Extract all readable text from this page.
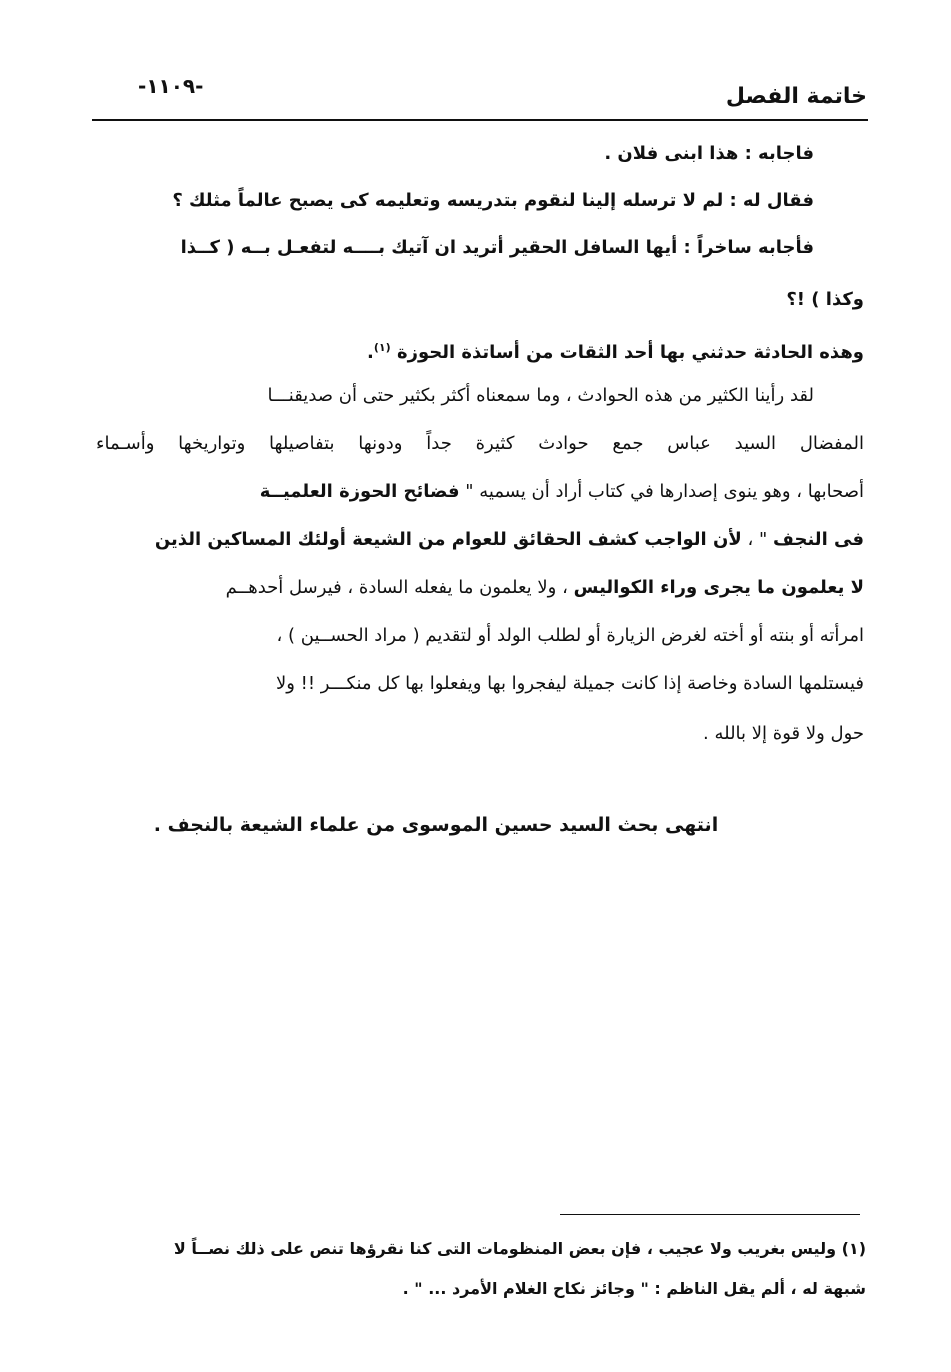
خاتمة الفصل
-١١٠٩-
فاجابه : هذا ابنى فلان .
فقال له : لم لا ترسله إلينا لنقوم بتدريسه وتعليمه كى يصبح عالماً مثلك ؟
فأجابه ساخراً : أيها السافل الحقير أتريد ان آتيك بــــه لتفعـل بــه ( كــذا
وكذا ) !؟
وهذه الحادثة حدثني بها أحد الثقات من أساتذة الحوزة $^{(١)}$.
لقد رأينا الكثير من هذه الحوادث ، وما سمعناه أكثر بكثير حتى أن صديقنـــا
المفضال السيد عباس جمع حوادث كثيرة جداً ودونها بتفاصيلها وتواريخها وأسـماء
أصحابها ، وهو ينوى إصدارها في كتاب أراد أن يسميه " فضائح الحوزة العلميــة
فى النجف " ، لأن الواجب كشف الحقائق للعوام من الشيعة أولئك المساكين الذين
لا يعلمون ما يجرى وراء الكواليس ، ولا يعلمون ما يفعله السادة ، فيرسل أحدهــم
امرأته أو بنته أو أخته لغرض الزيارة أو لطلب الولد أو لتقديم ( مراد الحســين ) ،
فيستلمها السادة وخاصة إذا كانت جميلة ليفجروا بها ويفعلوا بها كل منكـــر !! ولا
حول ولا قوة إلا بالله .
انتهى بحث السيد حسين الموسوى من علماء الشيعة بالنجف .
(١) وليس بغريب ولا عجيب ، فإن بعض المنظومات التى كنا نقرؤها تنص على ذلك نصــاً لا
شبهة له ، ألم يقل الناظم : " وجائز نكاح الغلام الأمرد ... " .
